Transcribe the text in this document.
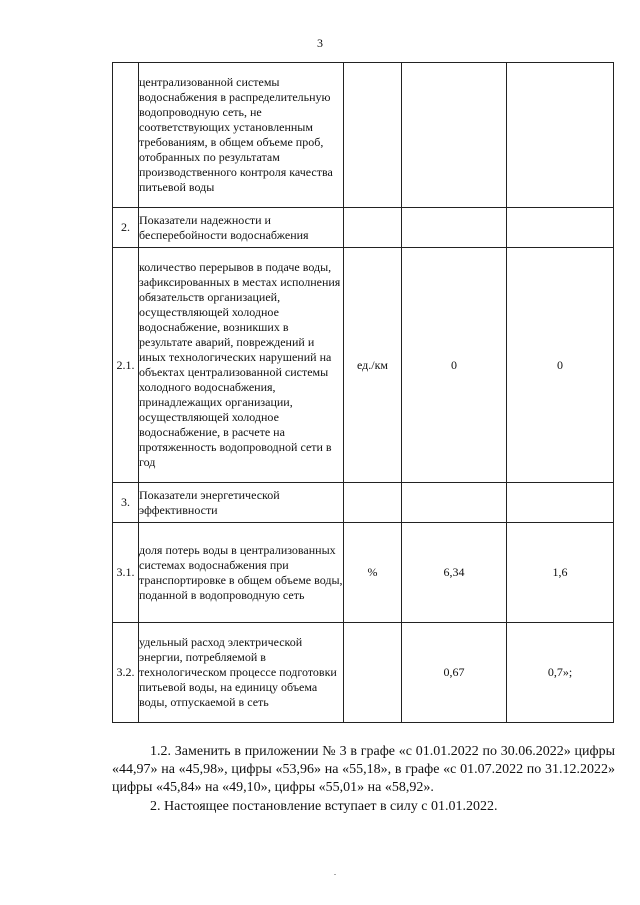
3
	централизованной системы водоснабжения в распределительную водопроводную сеть, не соответствующих установленным требованиям, в общем объеме проб, отобранных по результатам производственного контроля качества питьевой воды			
2.	Показатели надежности и бесперебойности водоснабжения			
2.1.	количество перерывов в подаче воды, зафиксированных в местах исполнения обязательств организацией, осуществляющей холодное водоснабжение, возникших в результате аварий, повреждений и иных технологических нарушений на объектах централизованной системы холодного водоснабжения, принадлежащих организации, осуществляющей холодное водоснабжение, в расчете на протяженность водопроводной сети в год	ед./км	0	0
3.	Показатели энергетической эффективности			
3.1.	доля потерь воды в централизованных системах водоснабжения при транспортировке в общем объеме воды, поданной в водопроводную сеть	%	6,34	1,6
3.2.	удельный расход электрической энергии, потребляемой в технологическом процессе подготовки питьевой воды, на единицу объема воды, отпускаемой в сеть		0,67	0,7»;

1.2. Заменить в приложении № 3 в графе «с 01.01.2022 по 30.06.2022» цифры «44,97» на «45,98», цифры «53,96» на «55,18», в графе «с 01.07.2022 по 31.12.2022» цифры «45,84» на «49,10», цифры «55,01» на «58,92».

2. Настоящее постановление вступает в силу с 01.01.2022.

.
